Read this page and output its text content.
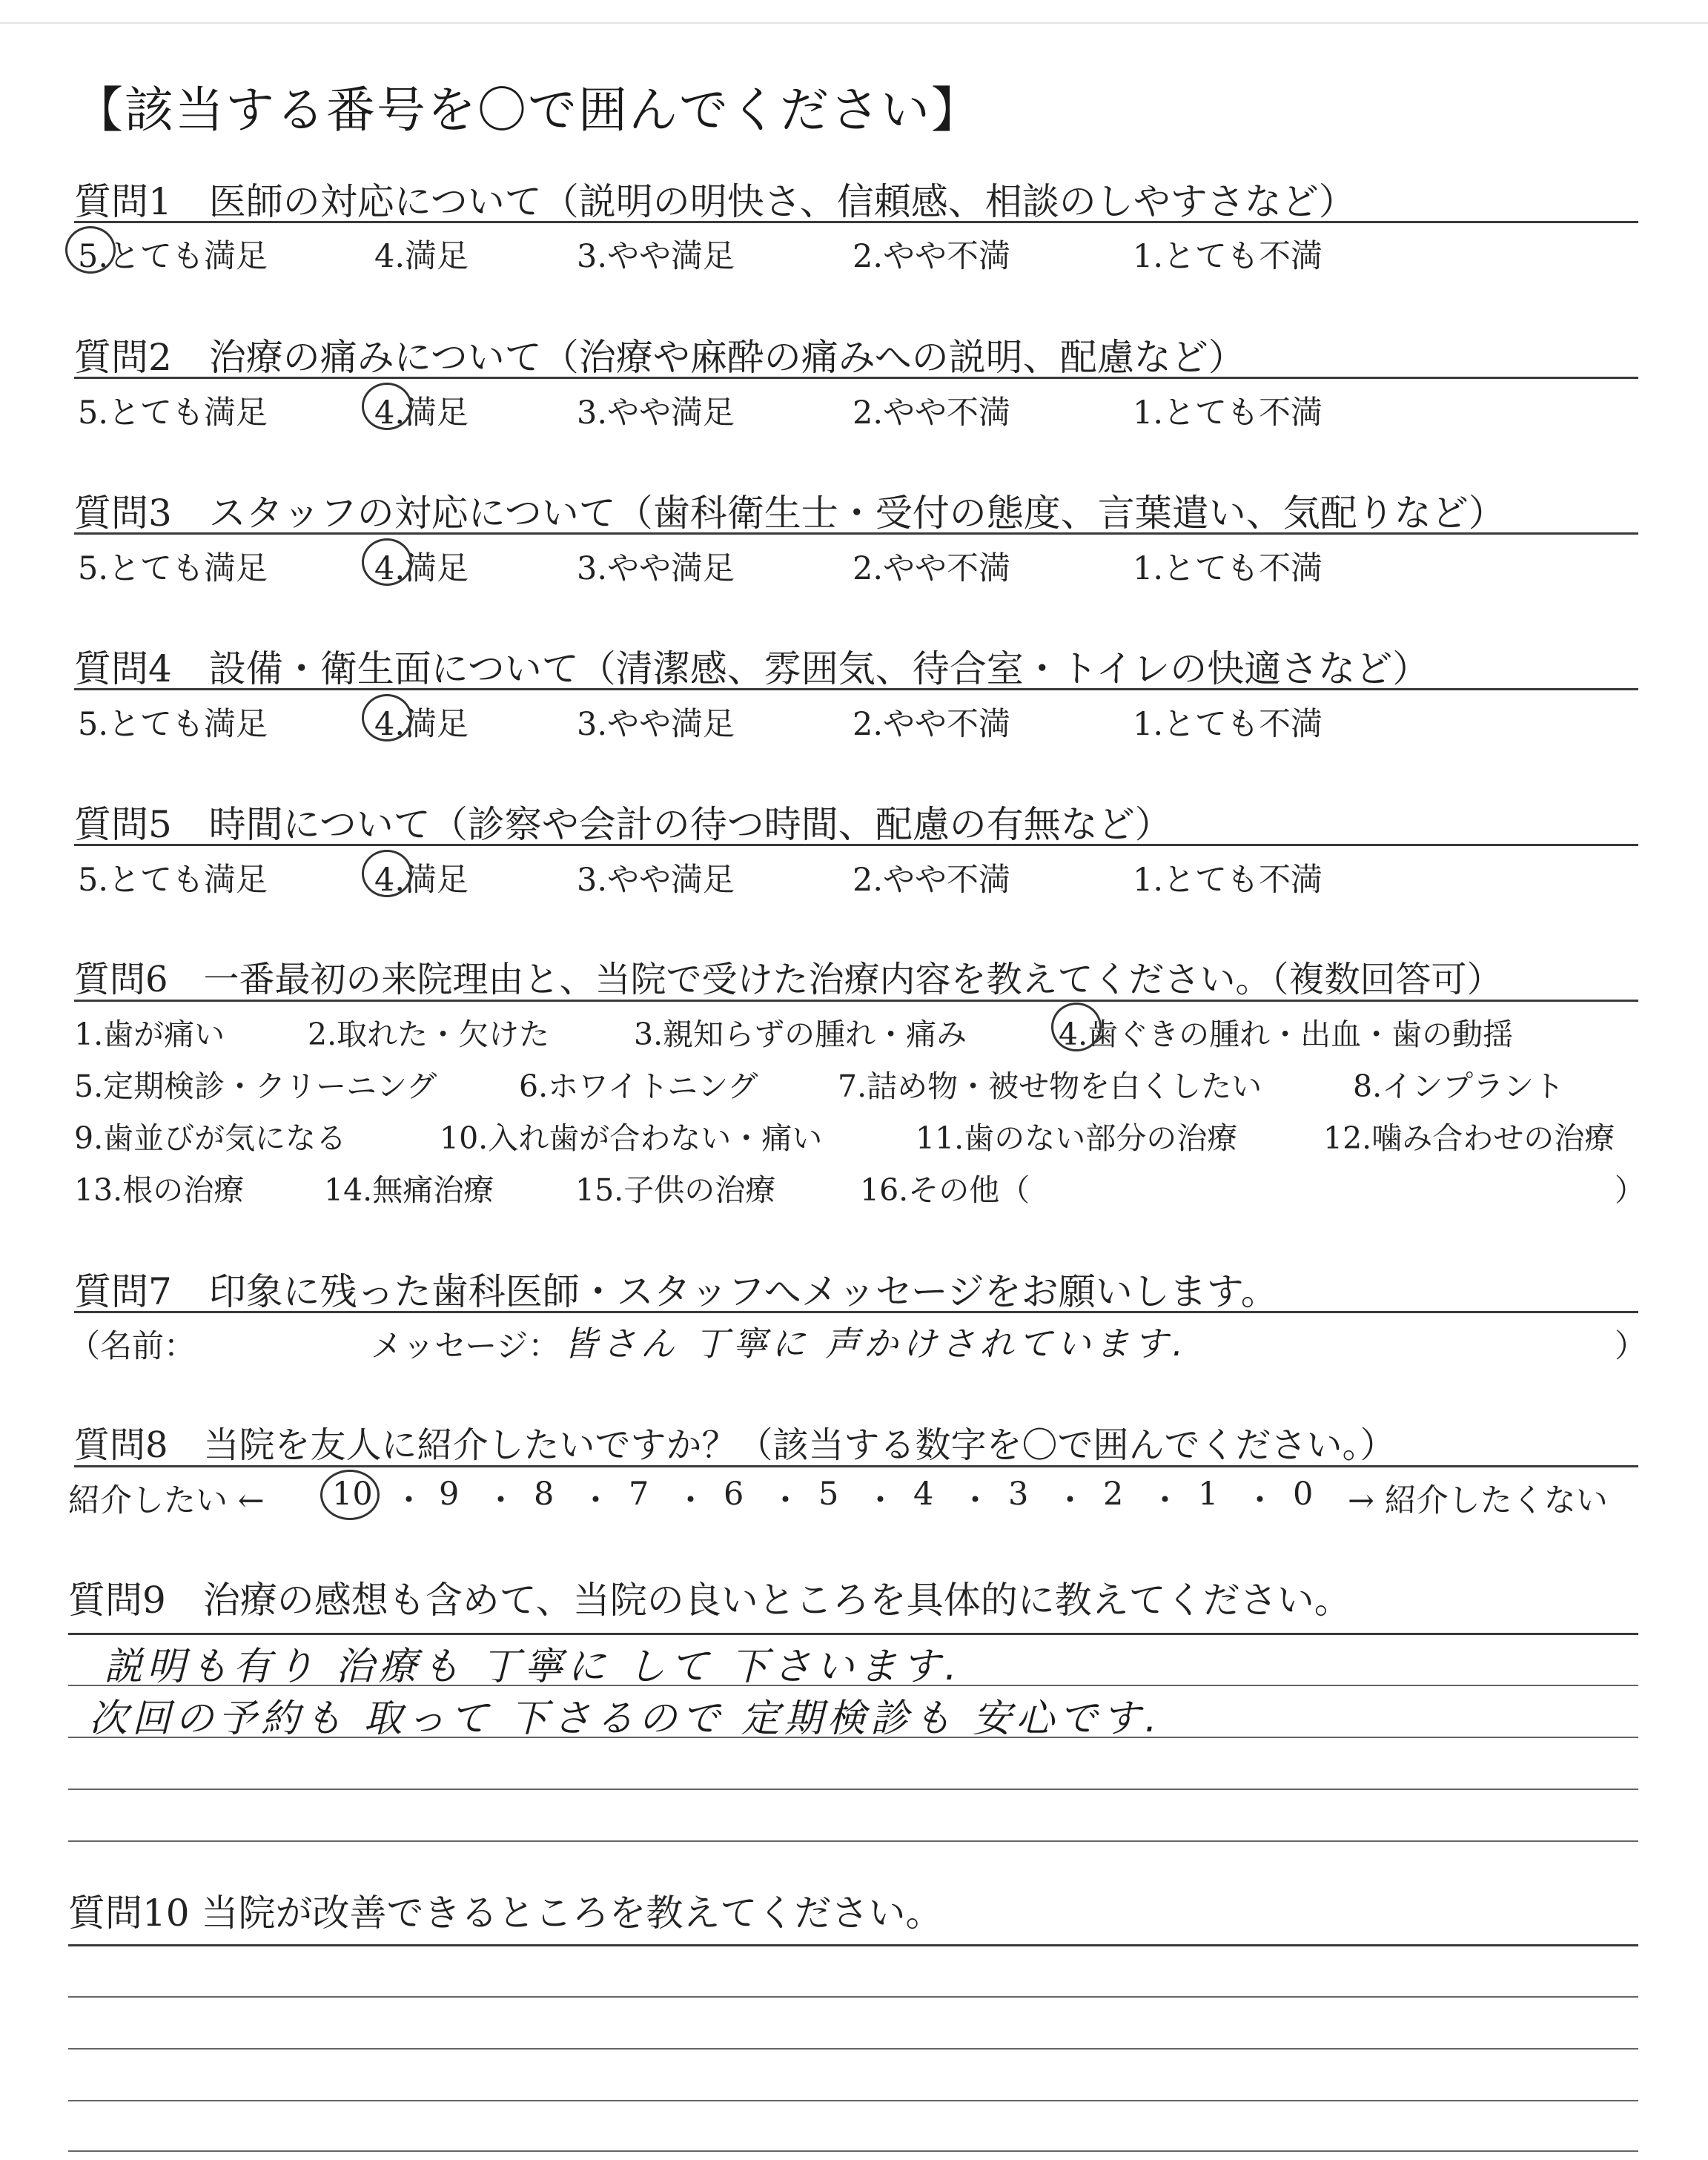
【該当する番号を〇で囲んでください】
質問1　医師の対応について（説明の明快さ、信頼感、相談のしやすさなど）
5.とても満足	4.満足	3.やや満足	2.やや不満	1.とても不満
質問2　治療の痛みについて（治療や麻酔の痛みへの説明、配慮など）
5.とても満足	4.満足	3.やや満足	2.やや不満	1.とても不満
質問3　スタッフの対応について（歯科衛生士・受付の態度、言葉遣い、気配りなど）
5.とても満足	4.満足	3.やや満足	2.やや不満	1.とても不満
質問4　設備・衛生面について（清潔感、雰囲気、待合室・トイレの快適さなど）
5.とても満足	4.満足	3.やや満足	2.やや不満	1.とても不満
質問5　時間について（診察や会計の待つ時間、配慮の有無など）
5.とても満足	4.満足	3.やや満足	2.やや不満	1.とても不満
質問6　一番最初の来院理由と、当院で受けた治療内容を教えてください。（複数回答可）
1.歯が痛い	2.取れた・欠けた	3.親知らずの腫れ・痛み	4.歯ぐきの腫れ・出血・歯の動揺
5.定期検診・クリーニング	6.ホワイトニング	7.詰め物・被せ物を白くしたい	8.インプラント
9.歯並びが気になる	10.入れ歯が合わない・痛い	11.歯のない部分の治療	12.噛み合わせの治療
13.根の治療	14.無痛治療	15.子供の治療	16.その他（	）
質問7　印象に残った歯科医師・スタッフへメッセージをお願いします。
（名前：	メッセージ： 皆さん 丁寧に 声かけされています.	）
質問8　当院を友人に紹介したいですか？（該当する数字を〇で囲んでください。）
紹介したい ← 10 ・ 9 ・ 8 ・ 7 ・ 6 ・ 5 ・ 4 ・ 3 ・ 2 ・ 1 ・ 0 → 紹介したくない
質問9　治療の感想も含めて、当院の良いところを具体的に教えてください。
説明も有り 治療も 丁寧に して 下さいます.
次回の予約も 取って 下さるので 定期検診も 安心です.
質問10 当院が改善できるところを教えてください。
